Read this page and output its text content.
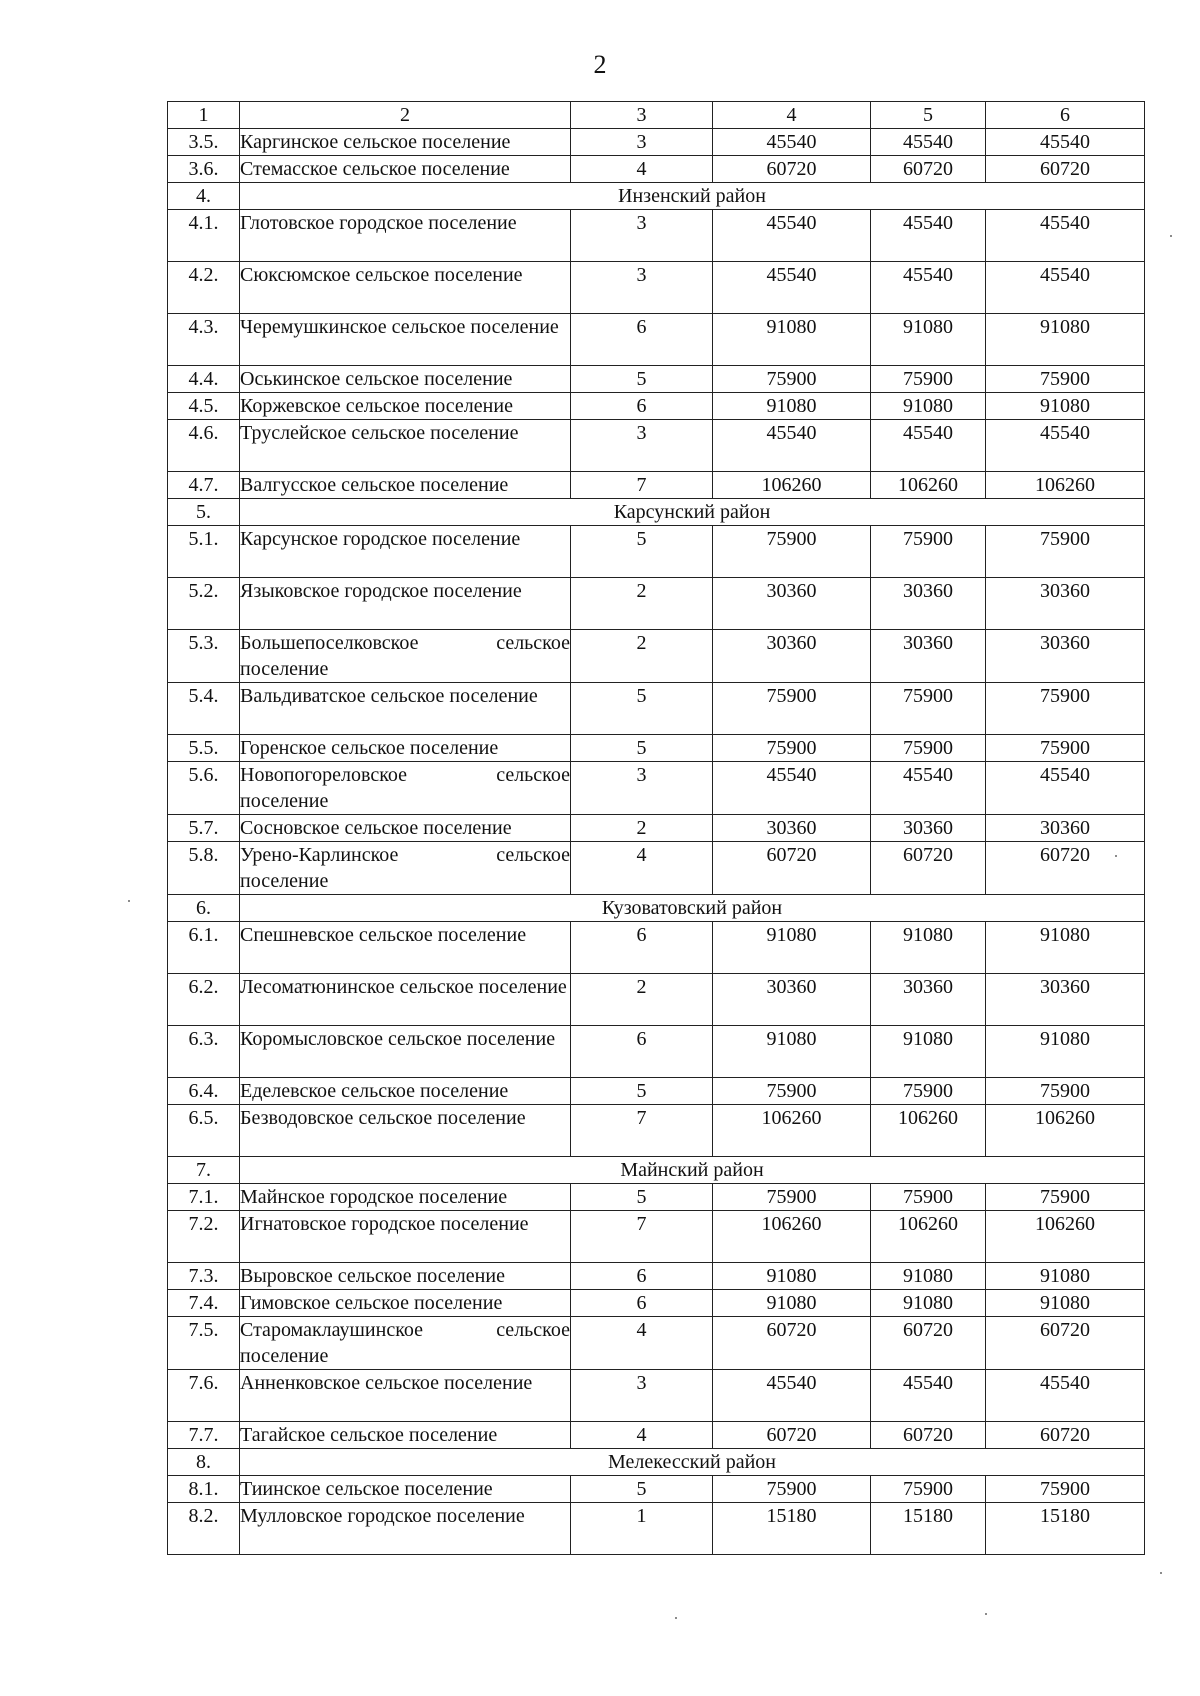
2
1	2	3	4	5	6
3.5.	Каргинское сельское поселение	3	45540	45540	45540
3.6.	Стемасское сельское поселение	4	60720	60720	60720
4.	Инзенский район				
4.1.	Глотовское городское поселение	3	45540	45540	45540
4.2.	Сюксюмское сельское поселение	3	45540	45540	45540
4.3.	Черемушкинское сельское поселение	6	91080	91080	91080
4.4.	Оськинское сельское поселение	5	75900	75900	75900
4.5.	Коржевское сельское поселение	6	91080	91080	91080
4.6.	Труслейское сельское поселение	3	45540	45540	45540
4.7.	Валгусское сельское поселение	7	106260	106260	106260
5.	Карсунский район				
5.1.	Карсунское городское поселение	5	75900	75900	75900
5.2.	Языковское городское поселение	2	30360	30360	30360
5.3.	Большепоселковское сельское поселение	2	30360	30360	30360
5.4.	Вальдиватское сельское поселение	5	75900	75900	75900
5.5.	Горенское сельское поселение	5	75900	75900	75900
5.6.	Новопогореловское сельское поселение	3	45540	45540	45540
5.7.	Сосновское сельское поселение	2	30360	30360	30360
5.8.	Урено-Карлинское сельское поселение	4	60720	60720	60720
6.	Кузоватовский район				
6.1.	Спешневское сельское поселение	6	91080	91080	91080
6.2.	Лесоматюнинское сельское поселение	2	30360	30360	30360
6.3.	Коромысловское сельское поселение	6	91080	91080	91080
6.4.	Еделевское сельское поселение	5	75900	75900	75900
6.5.	Безводовское сельское поселение	7	106260	106260	106260
7.	Майнский район				
7.1.	Майнское городское поселение	5	75900	75900	75900
7.2.	Игнатовское городское поселение	7	106260	106260	106260
7.3.	Выровское сельское поселение	6	91080	91080	91080
7.4.	Гимовское сельское поселение	6	91080	91080	91080
7.5.	Старомаклаушинское сельское поселение	4	60720	60720	60720
7.6.	Анненковское сельское поселение	3	45540	45540	45540
7.7.	Тагайское сельское поселение	4	60720	60720	60720
8.	Мелекесский район				
8.1.	Тиинское сельское поселение	5	75900	75900	75900
8.2.	Мулловское городское поселение	1	15180	15180	15180
